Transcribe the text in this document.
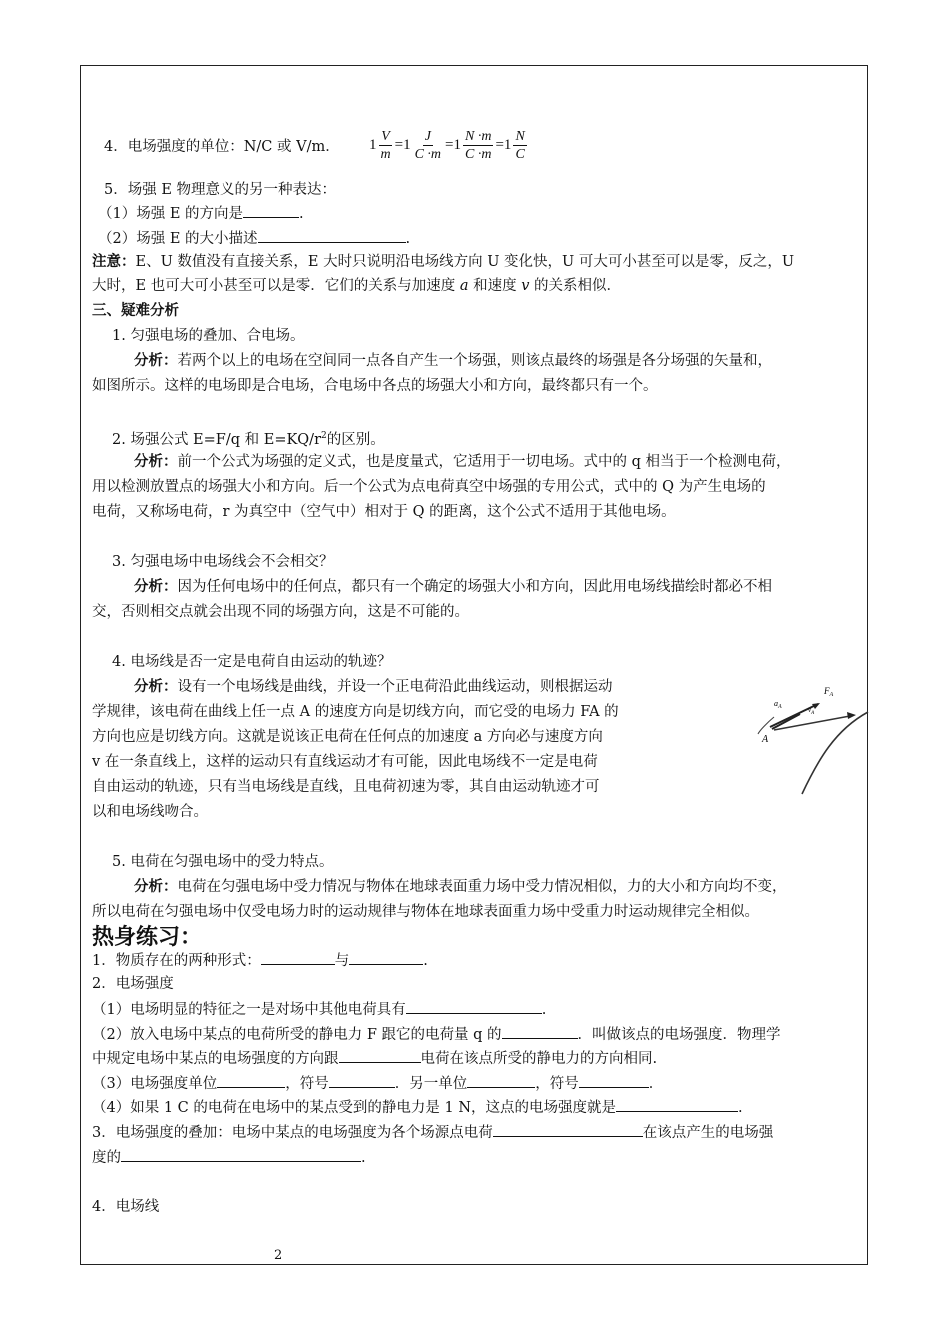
4．电场强度的单位：N/C 或 V/m． $1 \frac{V}{m} =1 \frac{J}{C \cdot m} =1 \frac{N \cdot m}{C \cdot m} =1 \frac{N}{C}$
5．场强 E 物理意义的另一种表达：
（1）场强 E 的方向是	.
（2）场强 E 的大小描述	.
注意：E、U 数值没有直接关系，E 大时只说明沿电场线方向 U 变化快，U 可大可小甚至可以是零，反之，U
大时，E 也可大可小甚至可以是零．它们的关系与加速度 a 和速度 v 的关系相似．
三、疑难分析
1. 匀强电场的叠加、合电场。
分析：若两个以上的电场在空间同一点各自产生一个场强，则该点最终的场强是各分场强的矢量和，
如图所示。这样的电场即是合电场，合电场中各点的场强大小和方向，最终都只有一个。
2. 场强公式 E=F/q 和 $E=KQ/r^2$的区别。
分析：前一个公式为场强的定义式，也是度量式，它适用于一切电场。式中的 q 相当于一个检测电荷，
用以检测放置点的场强大小和方向。后一个公式为点电荷真空中场强的专用公式，式中的 Q 为产生电场的
电荷，又称场电荷，r 为真空中（空气中）相对于 Q 的距离，这个公式不适用于其他电场。
3. 匀强电场中电场线会不会相交？
分析：因为任何电场中的任何点，都只有一个确定的场强大小和方向，因此用电场线描绘时都必不相
交，否则相交点就会出现不同的场强方向，这是不可能的。
4. 电场线是否一定是电荷自由运动的轨迹？
分析：设有一个电场线是曲线，并设一个正电荷沿此曲线运动，则根据运动
学规律，该电荷在曲线上任一点 A 的速度方向是切线方向，而它受的电场力 FA 的
方向也应是切线方向。这就是说该正电荷在任何点的加速度 a 方向必与速度方向
v 在一条直线上，这样的运动只有直线运动才有可能，因此电场线不一定是电荷
自由运动的轨迹，只有当电场线是直线，且电荷初速为零，其自由运动轨迹才可
以和电场线吻合。
A
$a_A$
$F_A$
$v_A$
5. 电荷在匀强电场中的受力特点。
分析：电荷在匀强电场中受力情况与物体在地球表面重力场中受力情况相似，力的大小和方向均不变，
所以电荷在匀强电场中仅受电场力时的运动规律与物体在地球表面重力场中受重力时运动规律完全相似。
热身练习：
1．物质存在的两种形式：	与	.
2．电场强度
（1）电场明显的特征之一是对场中其他电荷具有	.
（2）放入电场中某点的电荷所受的静电力 F 跟它的电荷量 q 的	．叫做该点的电场强度．物理学
中规定电场中某点的电场强度的方向跟	电荷在该点所受的静电力的方向相同.
（3）电场强度单位	，符号	．另一单位	，符号	．
（4）如果 1 C 的电荷在电场中的某点受到的静电力是 1 N，这点的电场强度就是	.
3．电场强度的叠加：电场中某点的电场强度为各个场源点电荷	在该点产生的电场强
度的	.
4．电场线
2
